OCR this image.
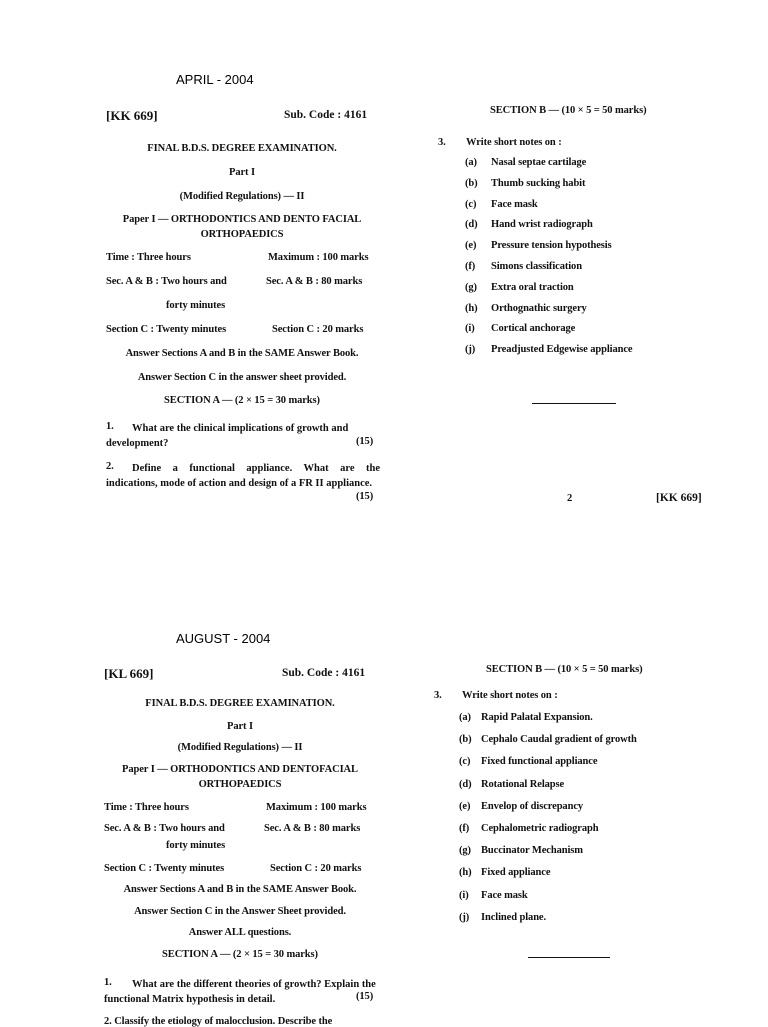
APRIL - 2004
[KK 669]	Sub. Code : 4161
FINAL B.D.S. DEGREE EXAMINATION.
Part I
(Modified Regulations) — II
Paper I — ORTHODONTICS AND DENTO FACIAL
ORTHOPAEDICS
Time : Three hours	Maximum : 100 marks
Sec. A & B : Two hours and	Sec. A & B : 80 marks
forty minutes
Section C : Twenty minutes	Section C : 20 marks
Answer Sections A and B in the SAME Answer Book.
Answer Section C in the answer sheet provided.
SECTION A — (2 × 15 = 30 marks)
1.	What are the clinical implications of growth and development?	(15)
2.	Define a functional appliance. What are the indications, mode of action and design of a FR II appliance.
(15)
SECTION B — (10 × 5 = 50 marks)
3. Write short notes on :
(a) Nasal septae cartilage
(b) Thumb sucking habit
(c) Face mask
(d) Hand wrist radiograph
(e) Pressure tension hypothesis
(f) Simons classification
(g) Extra oral traction
(h) Orthognathic surgery
(i) Cortical anchorage
(j) Preadjusted Edgewise appliance
2	[KK 669]
AUGUST - 2004
[KL 669]	Sub. Code : 4161
FINAL B.D.S. DEGREE EXAMINATION.
Part I
(Modified Regulations) — II
Paper I — ORTHODONTICS AND DENTOFACIAL
ORTHOPAEDICS
Time : Three hours	Maximum : 100 marks
Sec. A & B : Two hours and	Sec. A & B : 80 marks
forty minutes
Section C : Twenty minutes	Section C : 20 marks
Answer Sections A and B in the SAME Answer Book.
Answer Section C in the Answer Sheet provided.
Answer ALL questions.
SECTION A — (2 × 15 = 30 marks)
1.	What are the different theories of growth? Explain the functional Matrix hypothesis in detail.	(15)
2. Classify the etiology of malocclusion. Describe the
SECTION B — (10 × 5 = 50 marks)
3. Write short notes on :
(a) Rapid Palatal Expansion.
(b) Cephalo Caudal gradient of growth
(c) Fixed functional appliance
(d) Rotational Relapse
(e) Envelop of discrepancy
(f) Cephalometric radiograph
(g) Buccinator Mechanism
(h) Fixed appliance
(i) Face mask
(j) Inclined plane.
